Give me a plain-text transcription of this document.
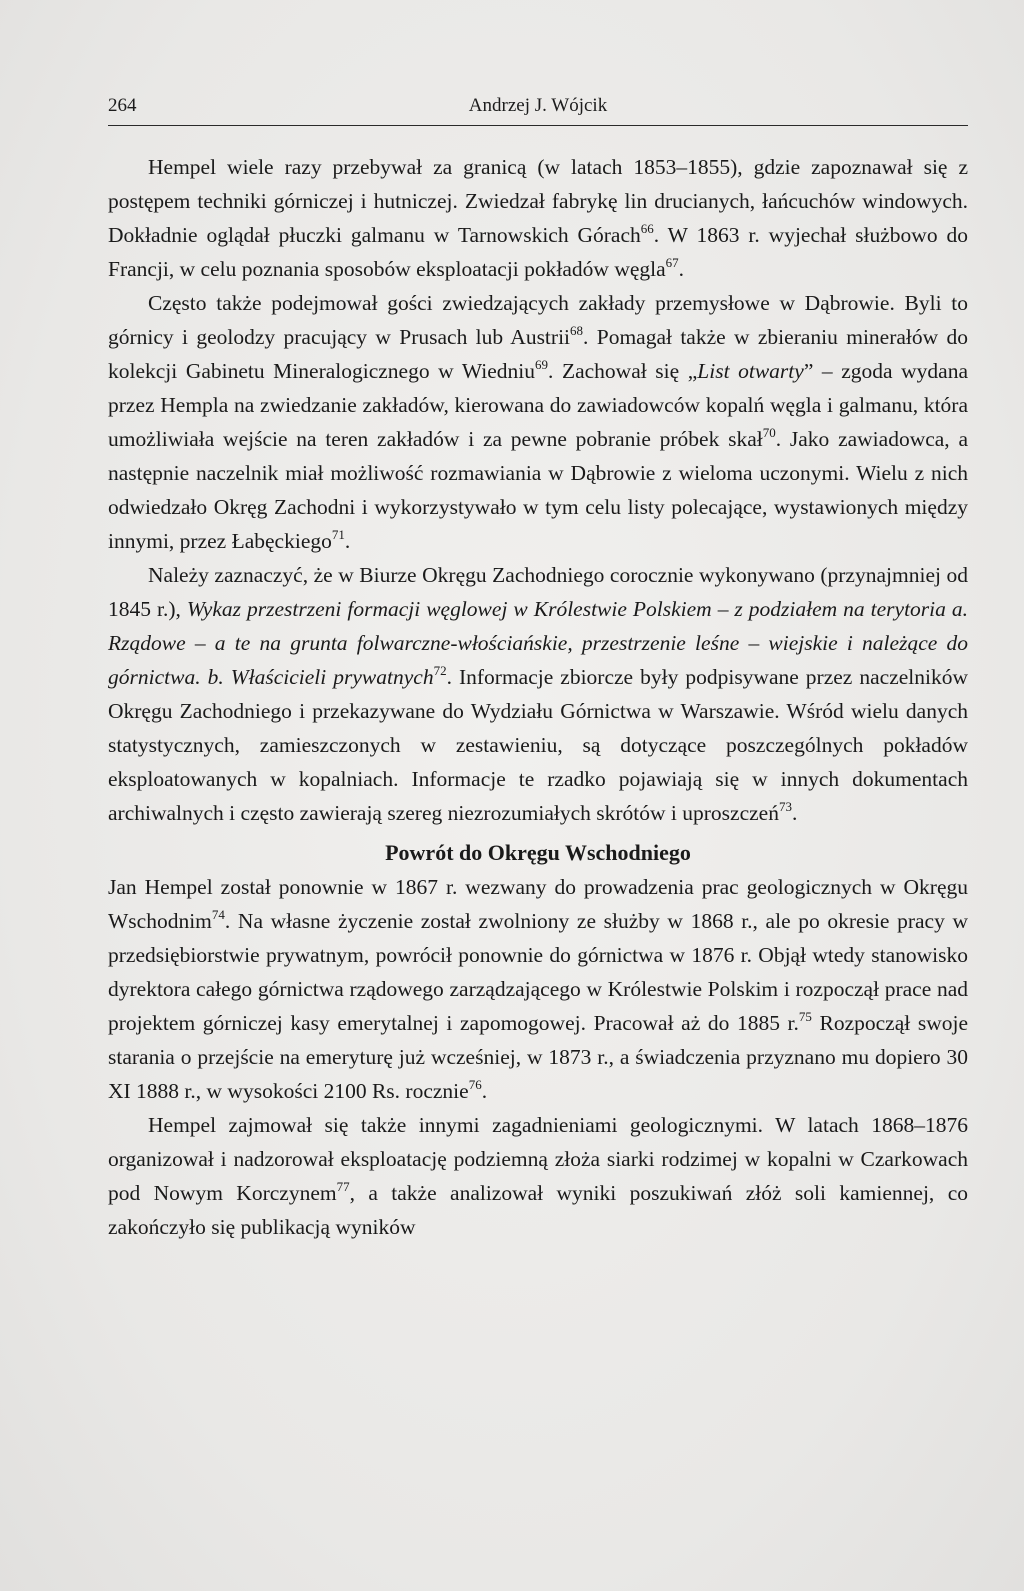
264	Andrzej J. Wójcik

Hempel wiele razy przebywał za granicą (w latach 1853–1855), gdzie zapoznawał się z postępem techniki górniczej i hutniczej. Zwiedzał fabrykę lin drucianych, łańcuchów windowych. Dokładnie oglądał płuczki galmanu w Tarnowskich Górach$^{66}$. W 1863 r. wyjechał służbowo do Francji, w celu poznania sposobów eksploatacji pokładów węgla$^{67}$.

Często także podejmował gości zwiedzających zakłady przemysłowe w Dąbrowie. Byli to górnicy i geolodzy pracujący w Prusach lub Austrii$^{68}$. Pomagał także w zbieraniu minerałów do kolekcji Gabinetu Mineralogicznego w Wiedniu$^{69}$. Zachował się „List otwarty” – zgoda wydana przez Hempla na zwiedzanie zakładów, kierowana do zawiadowców kopalń węgla i galmanu, która umożliwiała wejście na teren zakładów i za pewne pobranie próbek skał$^{70}$. Jako zawiadowca, a następnie naczelnik miał możliwość rozmawiania w Dąbrowie z wieloma uczonymi. Wielu z nich odwiedzało Okręg Zachodni i wykorzystywało w tym celu listy polecające, wystawionych między innymi, przez Łabęckiego$^{71}$.

Należy zaznaczyć, że w Biurze Okręgu Zachodniego corocznie wykonywano (przynajmniej od 1845 r.), Wykaz przestrzeni formacji węglowej w Królestwie Polskiem – z podziałem na terytoria a. Rządowe – a te na grunta folwarczne-włościańskie, przestrzenie leśne – wiejskie i należące do górnictwa. b. Właścicieli prywatnych$^{72}$. Informacje zbiorcze były podpisywane przez naczelników Okręgu Zachodniego i przekazywane do Wydziału Górnictwa w Warszawie. Wśród wielu danych statystycznych, zamieszczonych w zestawieniu, są dotyczące poszczególnych pokładów eksploatowanych w kopalniach. Informacje te rzadko pojawiają się w innych dokumentach archiwalnych i często zawierają szereg niezrozumiałych skrótów i uproszczeń$^{73}$.

Powrót do Okręgu Wschodniego

Jan Hempel został ponownie w 1867 r. wezwany do prowadzenia prac geologicznych w Okręgu Wschodnim$^{74}$. Na własne życzenie został zwolniony ze służby w 1868 r., ale po okresie pracy w przedsiębiorstwie prywatnym, powrócił ponownie do górnictwa w 1876 r. Objął wtedy stanowisko dyrektora całego górnictwa rządowego zarządzającego w Królestwie Polskim i rozpoczął prace nad projektem górniczej kasy emerytalnej i zapomogowej. Pracował aż do 1885 r.$^{75}$ Rozpoczął swoje starania o przejście na emeryturę już wcześniej, w 1873 r., a świadczenia przyznano mu dopiero 30 XI 1888 r., w wysokości 2100 Rs. rocznie$^{76}$.

Hempel zajmował się także innymi zagadnieniami geologicznymi. W latach 1868–1876 organizował i nadzorował eksploatację podziemną złoża siarki rodzimej w kopalni w Czarkowach pod Nowym Korczynem$^{77}$, a także analizował wyniki poszukiwań złóż soli kamiennej, co zakończyło się publikacją wyników
